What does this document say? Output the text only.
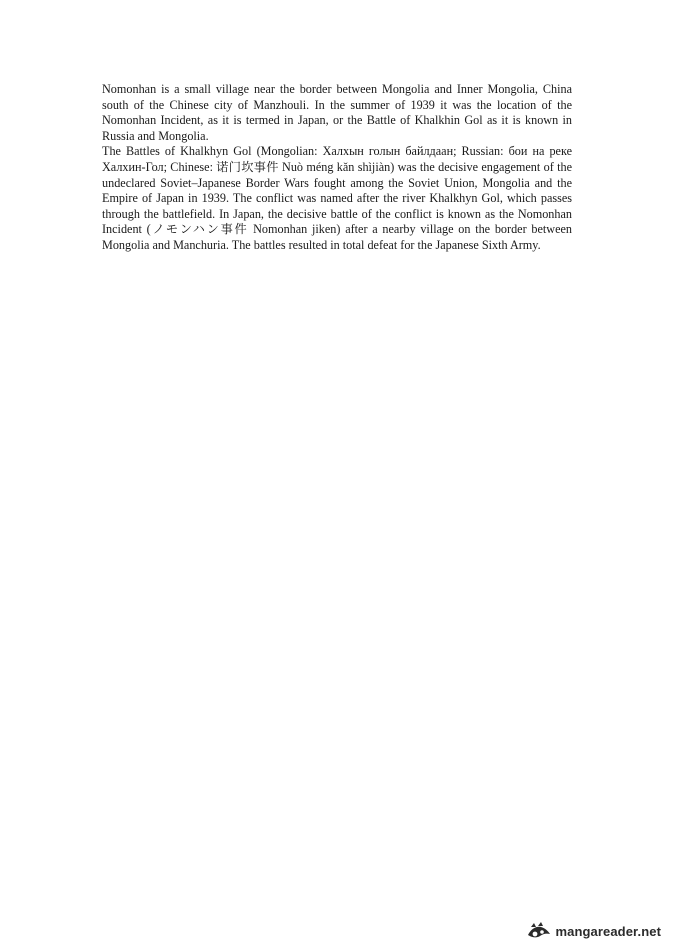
Nomonhan is a small village near the border between Mongolia and Inner Mongolia, China south of the Chinese city of Manzhouli. In the summer of 1939 it was the location of the Nomonhan Incident, as it is termed in Japan, or the Battle of Khalkhin Gol as it is known in Russia and Mongolia.

The Battles of Khalkhyn Gol (Mongolian: Халхын голын байлдаан; Russian: бои на реке Халхин-Гол; Chinese: 诺门坎事件 Nuò méng kǎn shìjiàn) was the decisive engagement of the undeclared Soviet–Japanese Border Wars fought among the Soviet Union, Mongolia and the Empire of Japan in 1939. The conflict was named after the river Khalkhyn Gol, which passes through the battlefield. In Japan, the decisive battle of the conflict is known as the Nomonhan Incident (ノモンハン事件 Nomonhan jiken) after a nearby village on the border between Mongolia and Manchuria. The battles resulted in total defeat for the Japanese Sixth Army.

mangareader.net
